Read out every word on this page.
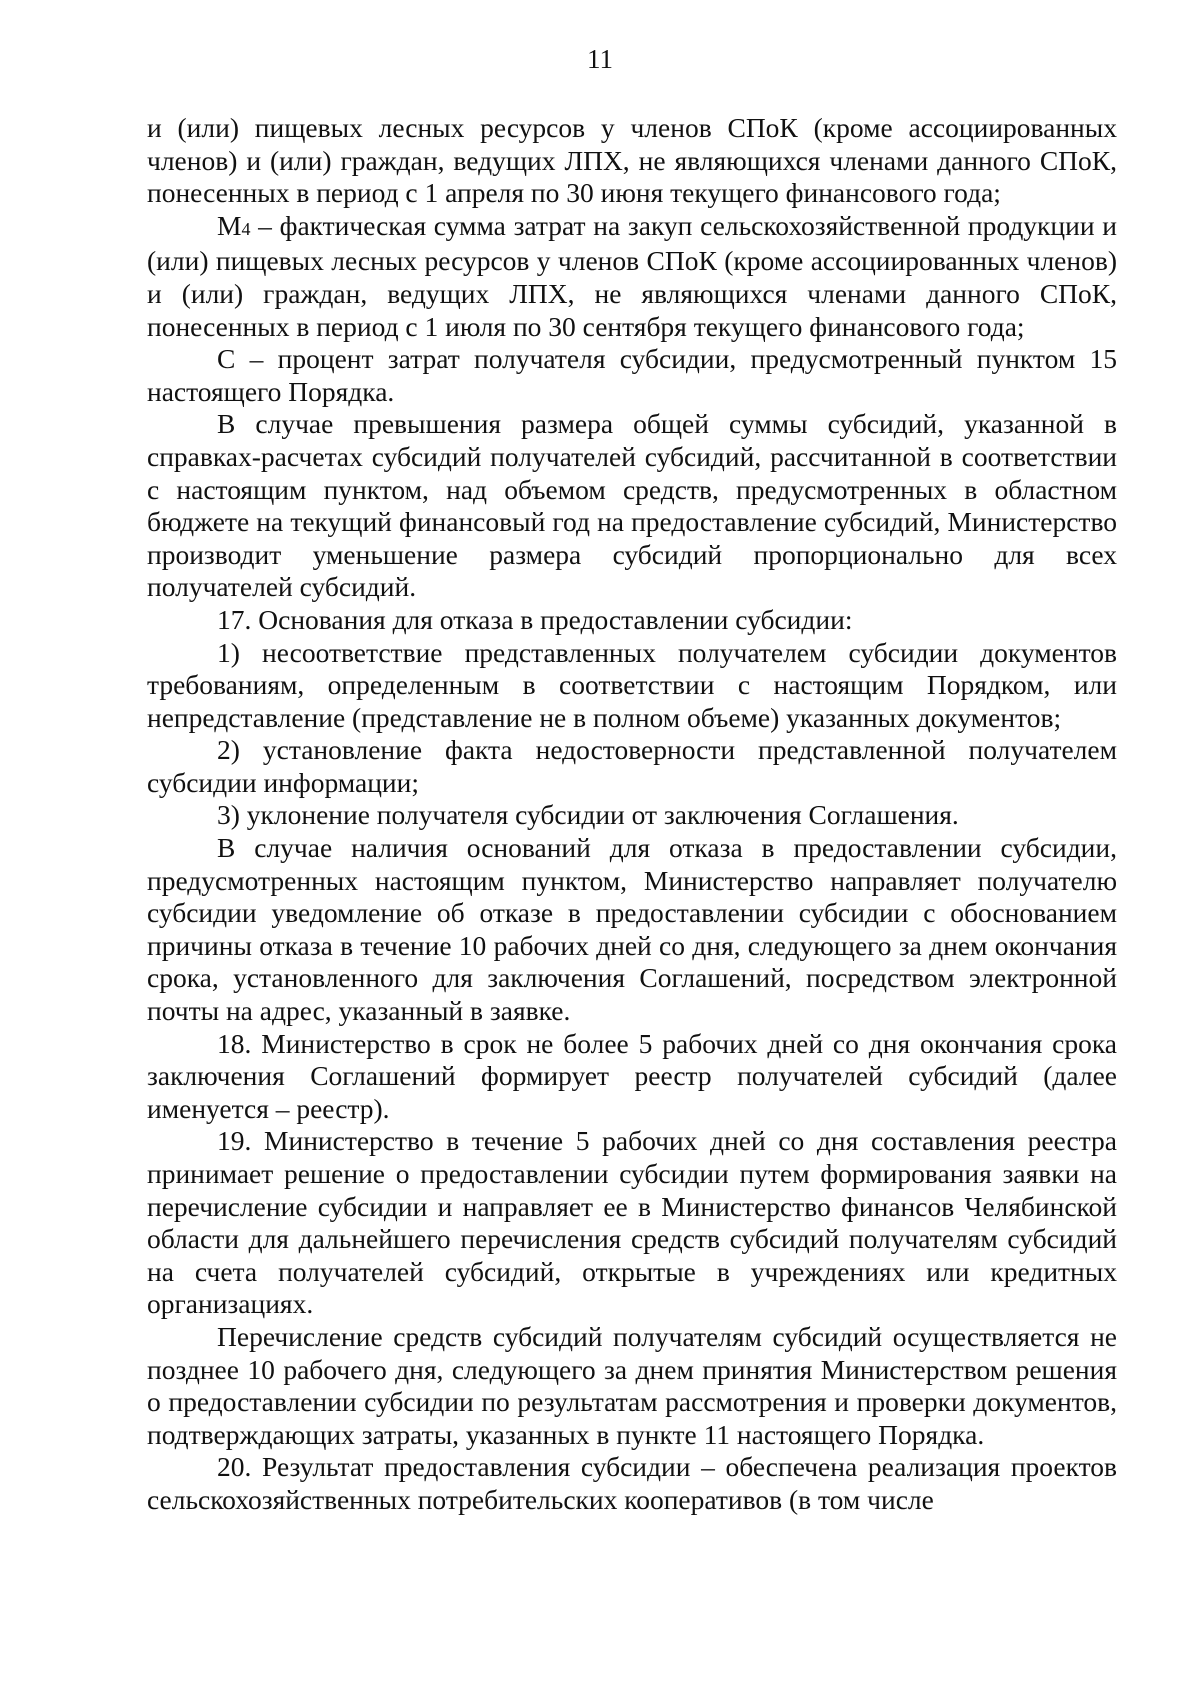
11

и (или) пищевых лесных ресурсов у членов СПоК (кроме ассоциированных членов) и (или) граждан, ведущих ЛПХ, не являющихся членами данного СПоК, понесенных в период с 1 апреля по 30 июня текущего финансового года;

М4 – фактическая сумма затрат на закуп сельскохозяйственной продукции и (или) пищевых лесных ресурсов у членов СПоК (кроме ассоциированных членов) и (или) граждан, ведущих ЛПХ, не являющихся членами данного СПоК, понесенных в период с 1 июля по 30 сентября текущего финансового года;

С – процент затрат получателя субсидии, предусмотренный пунктом 15 настоящего Порядка.

В случае превышения размера общей суммы субсидий, указанной в справках-расчетах субсидий получателей субсидий, рассчитанной в соответствии с настоящим пунктом, над объемом средств, предусмотренных в областном бюджете на текущий финансовый год на предоставление субсидий, Министерство производит уменьшение размера субсидий пропорционально для всех получателей субсидий.

17. Основания для отказа в предоставлении субсидии:

1) несоответствие представленных получателем субсидии документов требованиям, определенным в соответствии с настоящим Порядком, или непредставление (представление не в полном объеме) указанных документов;

2) установление факта недостоверности представленной получателем субсидии информации;

3) уклонение получателя субсидии от заключения Соглашения.

В случае наличия оснований для отказа в предоставлении субсидии, предусмотренных настоящим пунктом, Министерство направляет получателю субсидии уведомление об отказе в предоставлении субсидии с обоснованием причины отказа в течение 10 рабочих дней со дня, следующего за днем окончания срока, установленного для заключения Соглашений, посредством электронной почты на адрес, указанный в заявке.

18. Министерство в срок не более 5 рабочих дней со дня окончания срока заключения Соглашений формирует реестр получателей субсидий (далее именуется – реестр).

19. Министерство в течение 5 рабочих дней со дня составления реестра принимает решение о предоставлении субсидии путем формирования заявки на перечисление субсидии и направляет ее в Министерство финансов Челябинской области для дальнейшего перечисления средств субсидий получателям субсидий на счета получателей субсидий, открытые в учреждениях или кредитных организациях.

Перечисление средств субсидий получателям субсидий осуществляется не позднее 10 рабочего дня, следующего за днем принятия Министерством решения о предоставлении субсидии по результатам рассмотрения и проверки документов, подтверждающих затраты, указанных в пункте 11 настоящего Порядка.

20. Результат предоставления субсидии – обеспечена реализация проектов сельскохозяйственных потребительских кооперативов (в том числе
